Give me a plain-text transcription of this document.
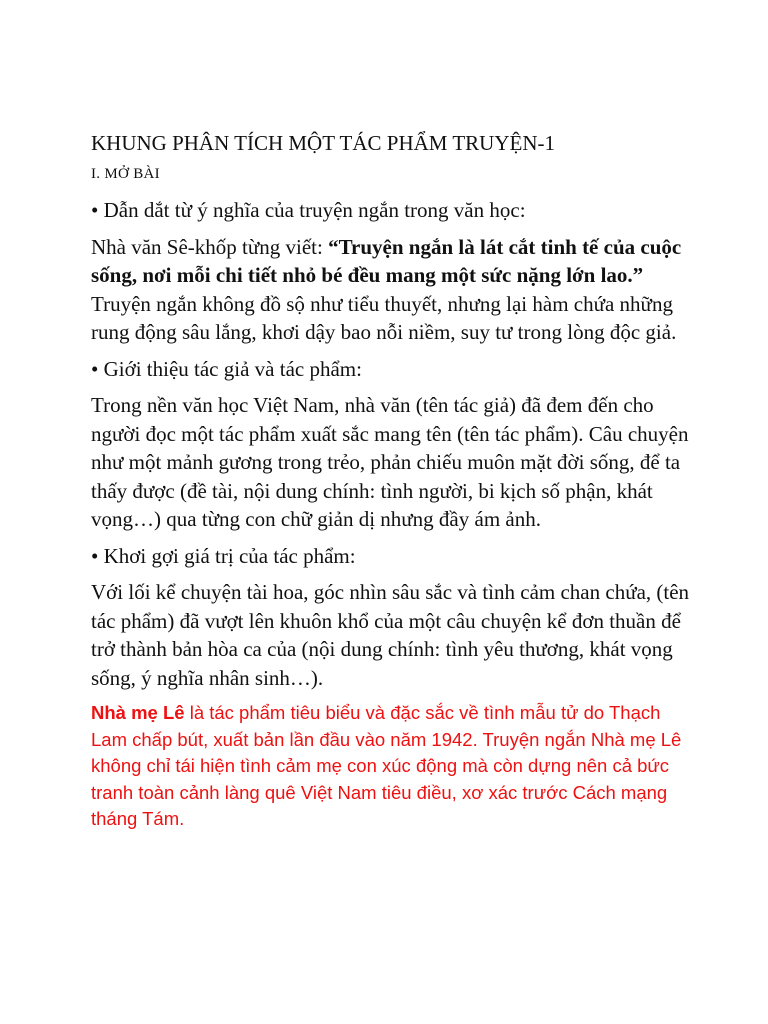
KHUNG PHÂN TÍCH MỘT TÁC PHẨM TRUYỆN-1

I. MỞ BÀI

• Dẫn dắt từ ý nghĩa của truyện ngắn trong văn học:

Nhà văn Sê-khốp từng viết: “Truyện ngắn là lát cắt tinh tế của cuộc sống, nơi mỗi chi tiết nhỏ bé đều mang một sức nặng lớn lao.” Truyện ngắn không đồ sộ như tiểu thuyết, nhưng lại hàm chứa những rung động sâu lắng, khơi dậy bao nỗi niềm, suy tư trong lòng độc giả.

• Giới thiệu tác giả và tác phẩm:

Trong nền văn học Việt Nam, nhà văn (tên tác giả) đã đem đến cho người đọc một tác phẩm xuất sắc mang tên (tên tác phẩm). Câu chuyện như một mảnh gương trong trẻo, phản chiếu muôn mặt đời sống, để ta thấy được (đề tài, nội dung chính: tình người, bi kịch số phận, khát vọng…) qua từng con chữ giản dị nhưng đầy ám ảnh.

• Khơi gợi giá trị của tác phẩm:

Với lối kể chuyện tài hoa, góc nhìn sâu sắc và tình cảm chan chứa, (tên tác phẩm) đã vượt lên khuôn khổ của một câu chuyện kể đơn thuần để trở thành bản hòa ca của (nội dung chính: tình yêu thương, khát vọng sống, ý nghĩa nhân sinh…).

Nhà mẹ Lê là tác phẩm tiêu biểu và đặc sắc về tình mẫu tử do Thạch Lam chấp bút, xuất bản lần đầu vào năm 1942. Truyện ngắn Nhà mẹ Lê không chỉ tái hiện tình cảm mẹ con xúc động mà còn dựng nên cả bức tranh toàn cảnh làng quê Việt Nam tiêu điều, xơ xác trước Cách mạng tháng Tám.
